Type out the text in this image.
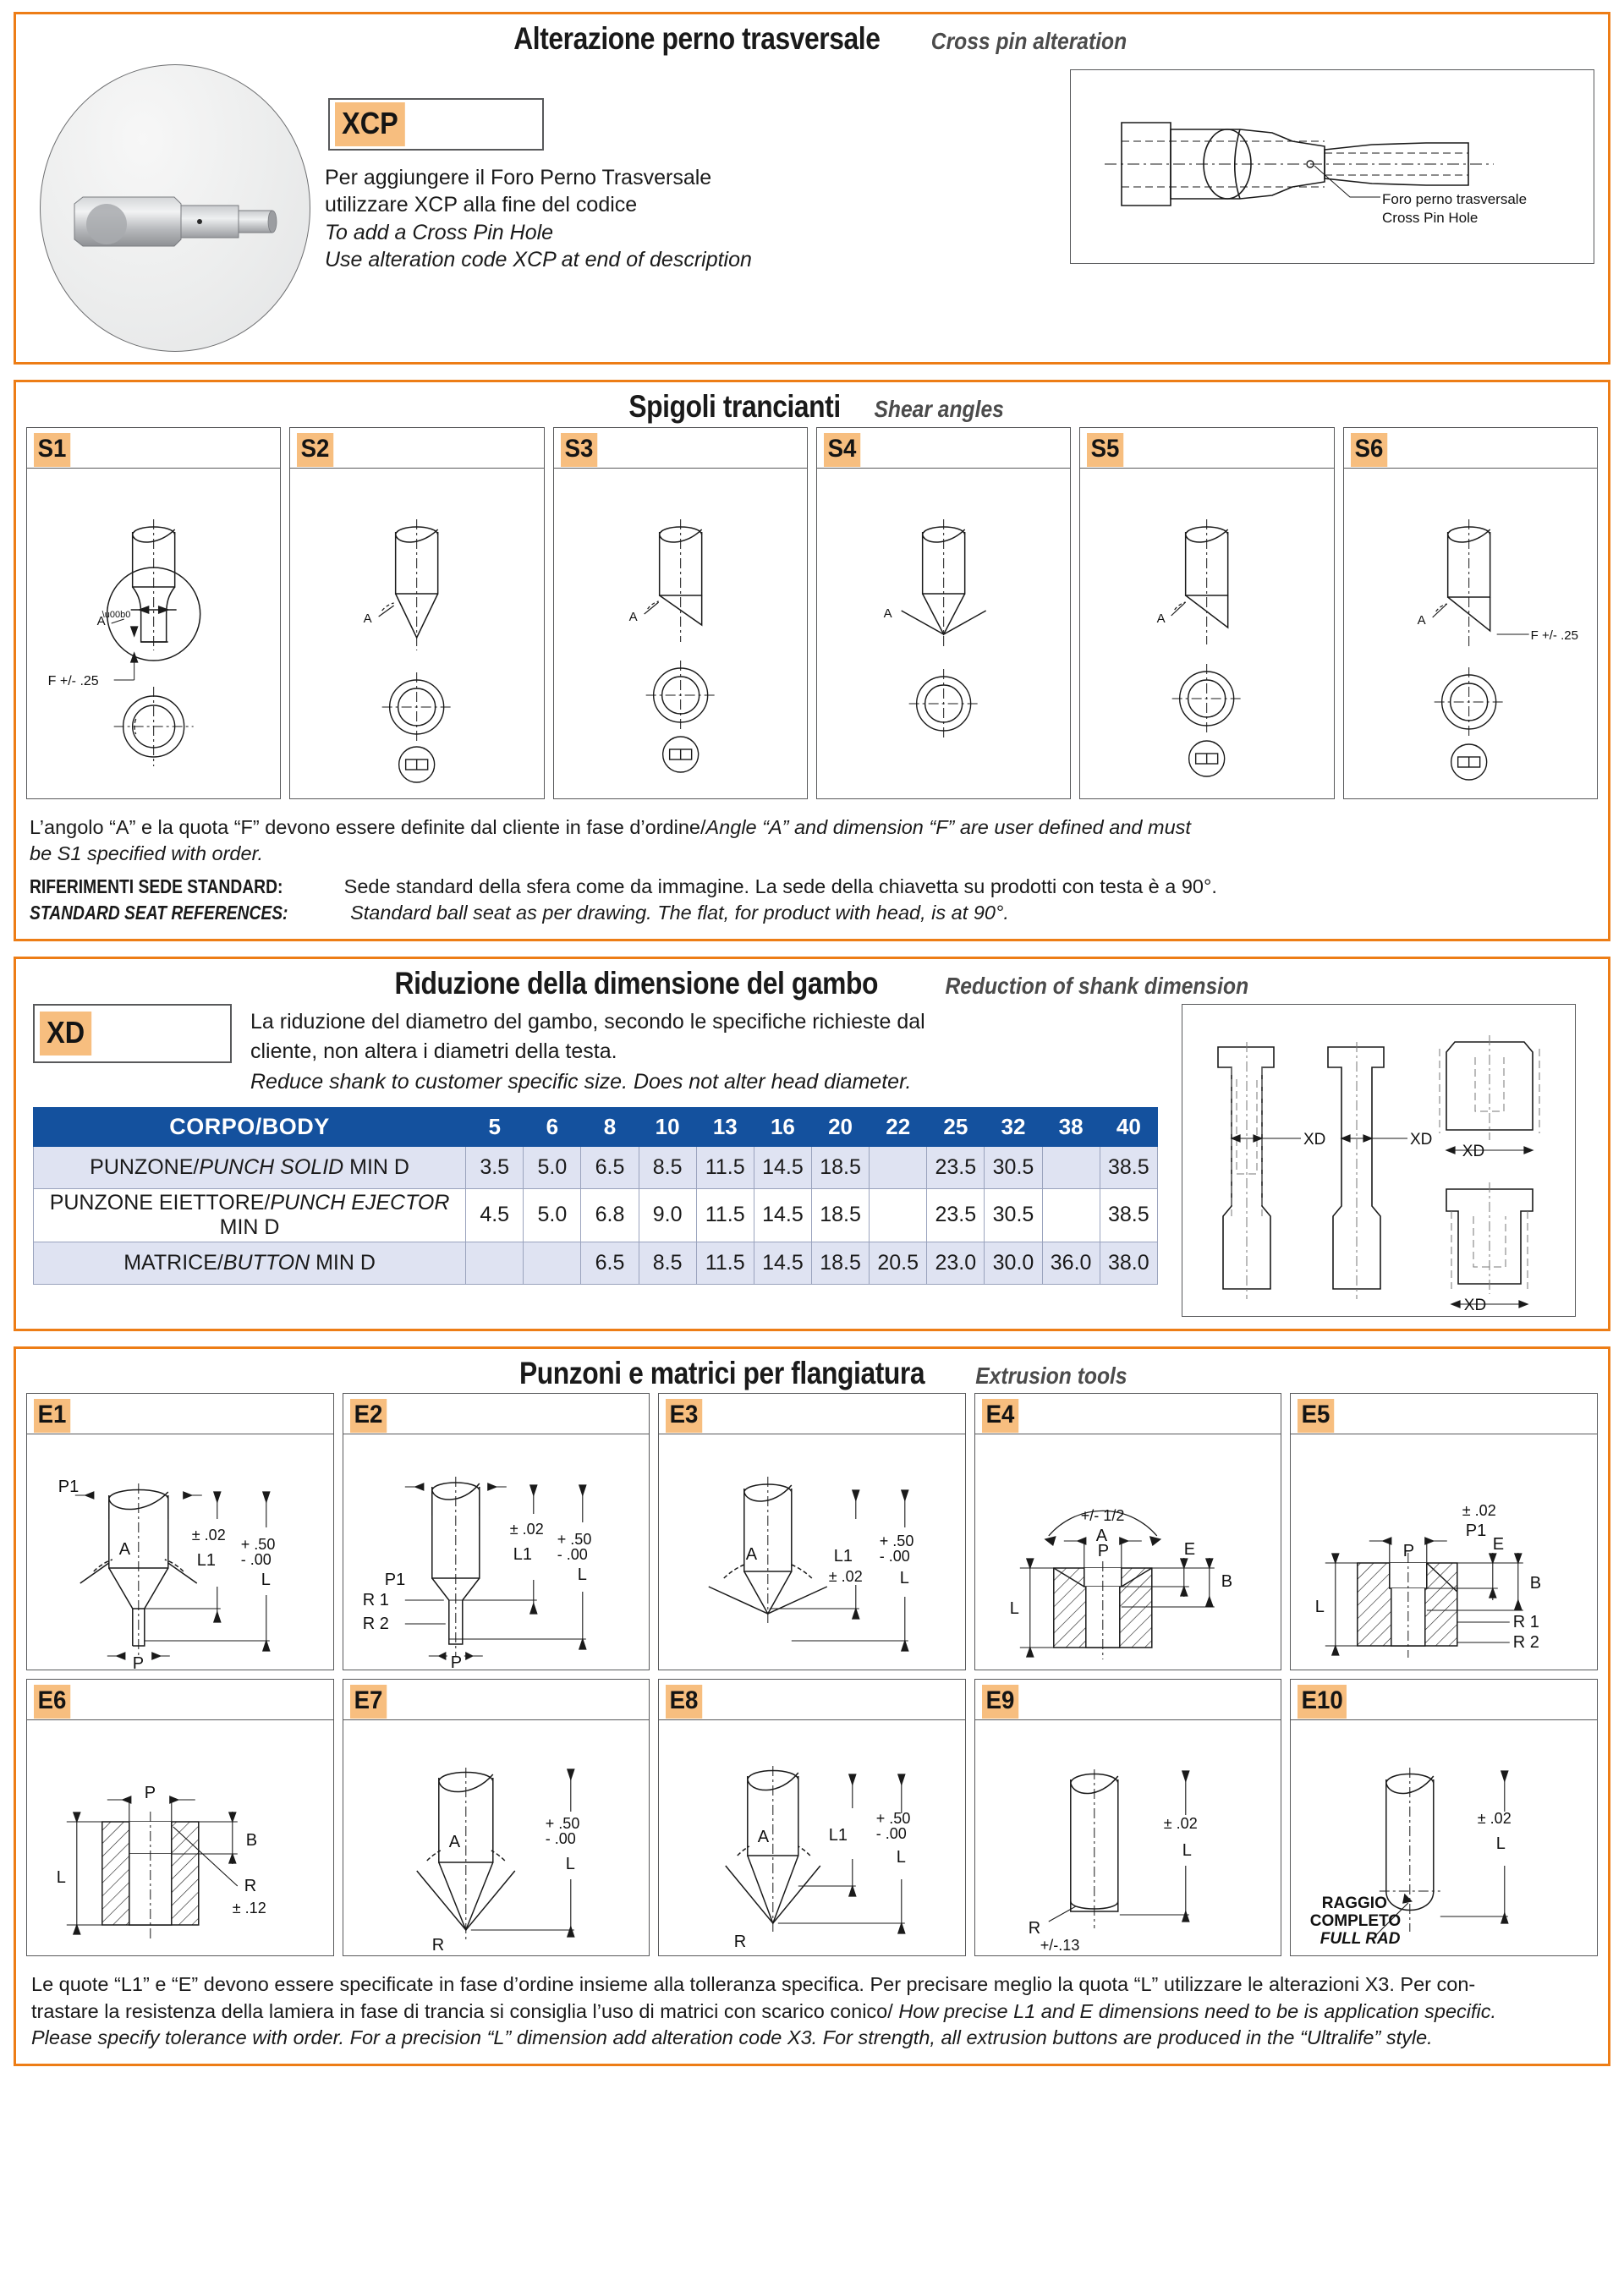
Alterazione perno trasversale Cross pin alteration
XCP
Per aggiungere il Foro Perno Trasversale
utilizzare XCP alla fine del codice
To add a Cross Pin Hole
Use alteration code XCP at end of description
Foro perno trasversale
Cross Pin Hole
Spigoli trancianti Shear angles
S1
A
\u00b0
F +/- .25
S2
A
S3
A
S4
A
S5
A
S6
A
F +/- .25
L’angolo “A” e la quota “F” devono essere definite dal cliente in fase d’ordine/Angle “A” and dimension “F” are user defined and must
be S1 specified with order.
RIFERIMENTI SEDE STANDARD:	Sede standard della sfera come da immagine. La sede della chiavetta su prodotti con testa è a 90°.
STANDARD SEAT REFERENCES:	Standard ball seat as per drawing. The flat, for product with head, is at 90°.
Riduzione della dimensione del gambo	Reduction of shank dimension
XD	La riduzione del diametro del gambo, secondo le specifiche richieste dal
cliente, non altera i diametri della testa.
Reduce shank to customer specific size. Does not alter head diameter.
CORPO/BODY	5	6	8	10	13	16	20	22	25	32	38	40
PUNZONE/PUNCH SOLID MIN D	3.5	5.0	6.5	8.5	11.5	14.5	18.5		23.5	30.5		38.5
PUNZONE EIETTORE/PUNCH EJECTOR MIN D	4.5	5.0	6.8	9.0	11.5	14.5	18.5		23.5	30.5		38.5
MATRICE/BUTTON MIN D			6.5	8.5	11.5	14.5	18.5	20.5	23.0	30.0	36.0	38.0
XD	XD
XD
XD
Punzoni e matrici per flangiatura Extrusion tools
E1
P1
A
P
L1
L
± .02
+ .50
- .00
E2
P1
R 1
R 2
P
L1
L
± .02
+ .50
- .00
E3
A	L1
L
± .02
+ .50
- .00
E4
+/- 1/2
A
P	E
B
L
E5
± .02
P1
P	E
B
R 1
R 2
L
E6
P
B
L	R
± .12
E7
A
R
L
+ .50
- .00
E8
A
R
L1
L
+ .50
- .00
E9
R
L
± .02
+/-.13
E10
L
± .02
RAGGIO
COMPLETO
FULL RAD

Le quote “L1” e “E” devono essere specificate in fase d’ordine insieme alla tolleranza specifica. Per precisare meglio la quota “L” utilizzare le alterazioni X3. Per con-

trastare la resistenza della lamiera in fase di trancia si consiglia l’uso di matrici con scarico conico/ How precise L1 and E dimensions need to be is application specific.

Please specify tolerance with order. For a precision “L” dimension add alteration code X3. For strength, all extrusion buttons are produced in the “Ultralife” style.
